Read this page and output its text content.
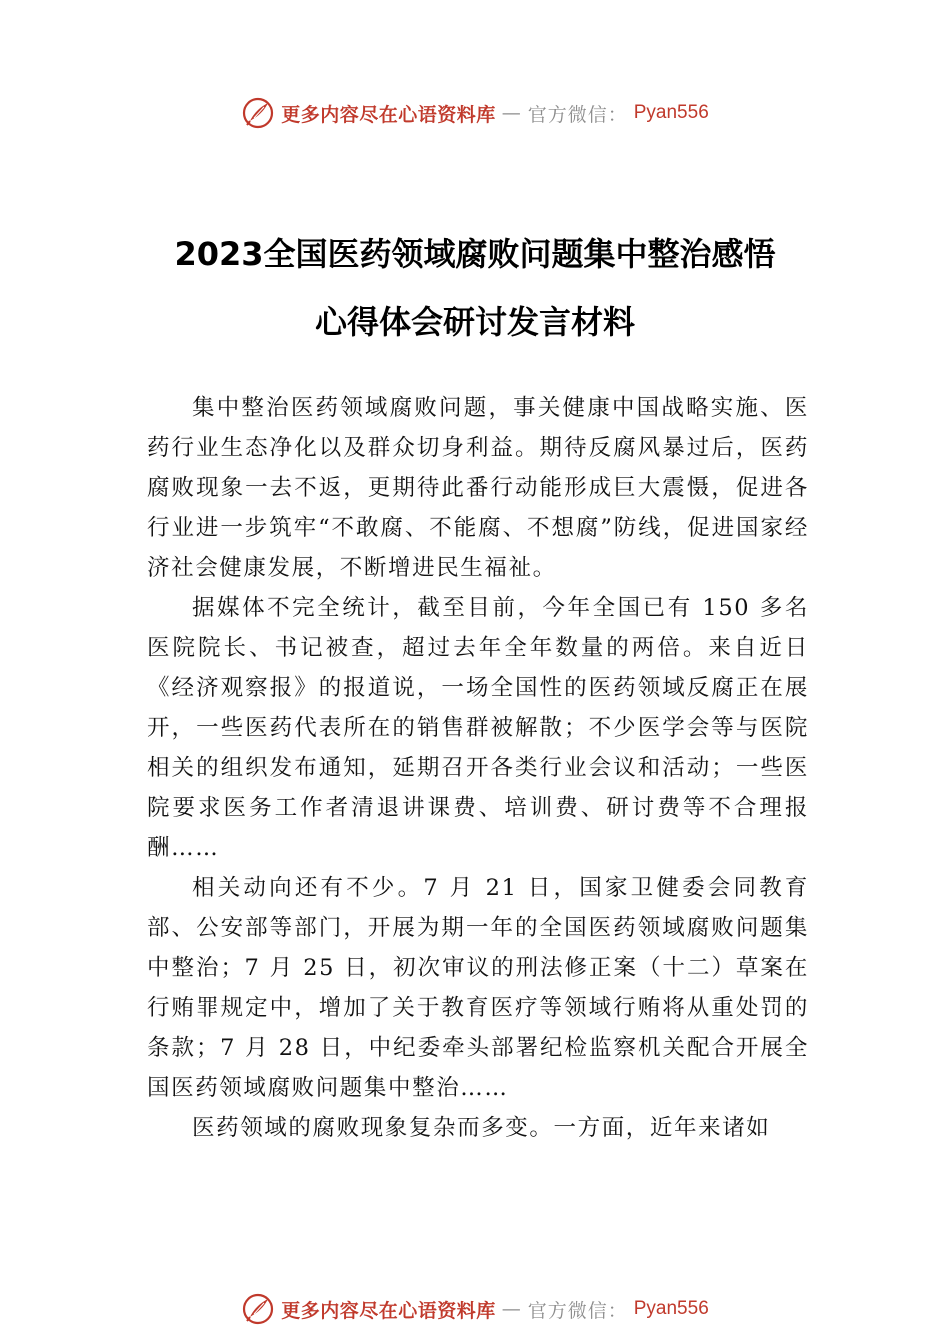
更多内容尽在心语资料库 — 官方微信： Pyan556
2023全国医药领域腐败问题集中整治感悟
心得体会研讨发言材料

集中整治医药领域腐败问题，事关健康中国战略实施、医药行业生态净化以及群众切身利益。期待反腐风暴过后，医药腐败现象一去不返，更期待此番行动能形成巨大震慑，促进各行业进一步筑牢“不敢腐、不能腐、不想腐”防线，促进国家经济社会健康发展，不断增进民生福祉。

据媒体不完全统计，截至目前，今年全国已有 150 多名医院院长、书记被查，超过去年全年数量的两倍。来自近日《经济观察报》的报道说，一场全国性的医药领域反腐正在展开，一些医药代表所在的销售群被解散；不少医学会等与医院相关的组织发布通知，延期召开各类行业会议和活动；一些医院要求医务工作者清退讲课费、培训费、研讨费等不合理报酬……

相关动向还有不少。7 月 21 日，国家卫健委会同教育部、公安部等部门，开展为期一年的全国医药领域腐败问题集中整治；7 月 25 日，初次审议的刑法修正案（十二）草案在行贿罪规定中，增加了关于教育医疗等领域行贿将从重处罚的条款；7 月 28 日，中纪委牵头部署纪检监察机关配合开展全国医药领域腐败问题集中整治……

医药领域的腐败现象复杂而多变。一方面，近年来诸如

更多内容尽在心语资料库 — 官方微信： Pyan556
